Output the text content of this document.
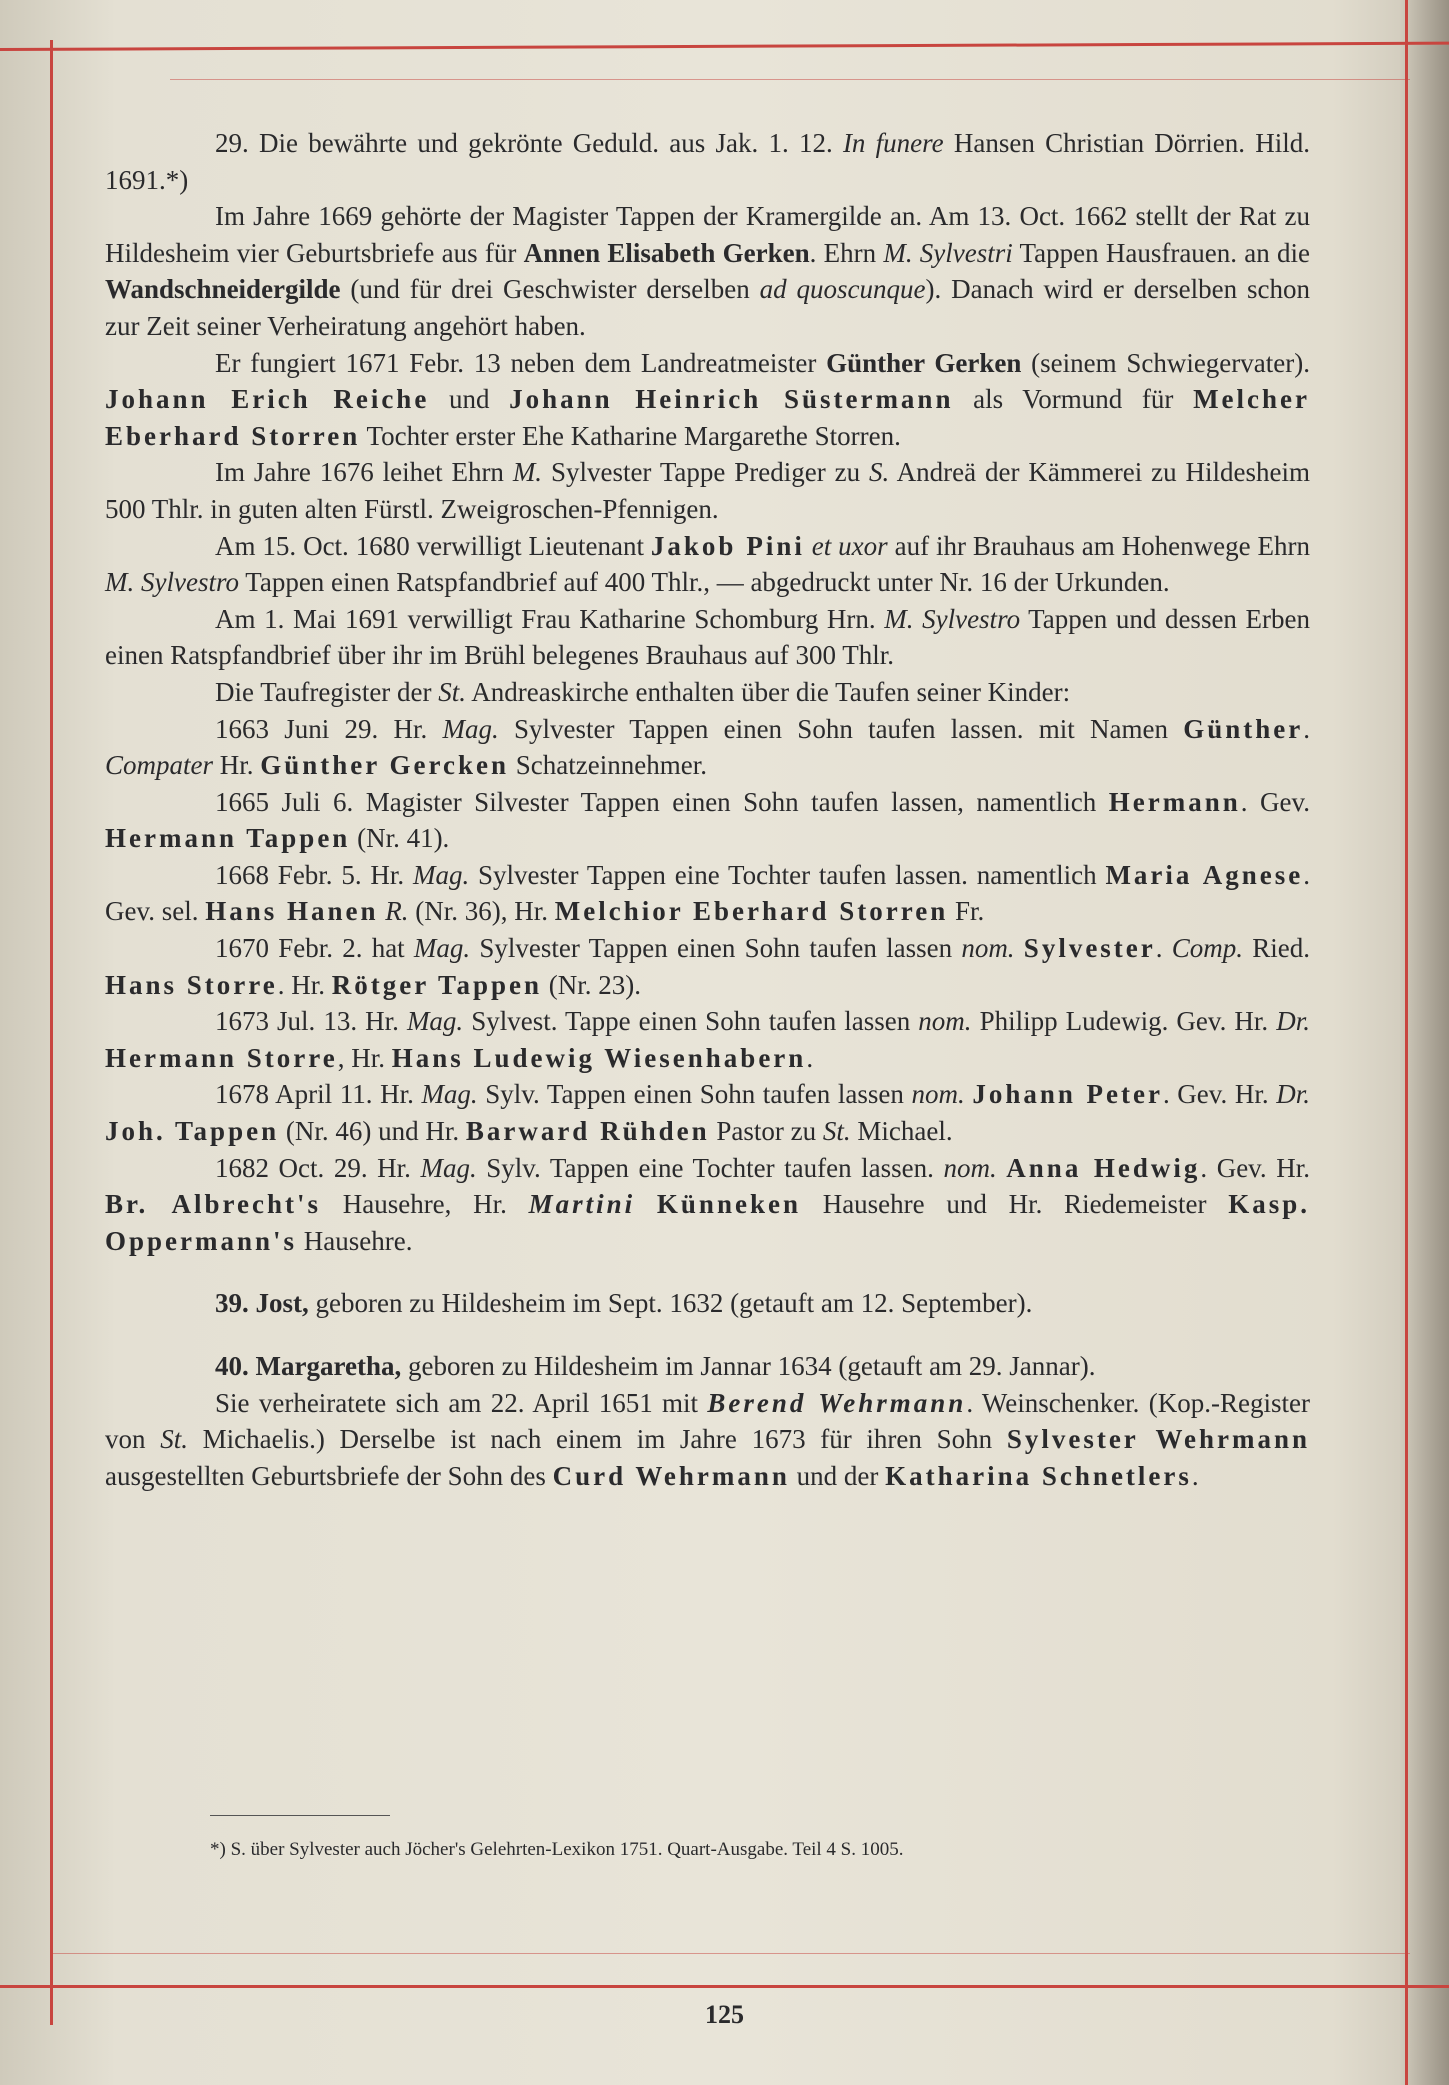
29. Die bewährte und gekrönte Geduld. aus Jak. 1. 12. In funere Hansen Christian Dörrien. Hild. 1691.*)

Im Jahre 1669 gehörte der Magister Tappen der Kramergilde an. Am 13. Oct. 1662 stellt der Rat zu Hildesheim vier Geburtsbriefe aus für Annen Elisabeth Gerken. Ehrn M. Sylvestri Tappen Hausfrauen. an die Wandschneidergilde (und für drei Geschwister derselben ad quoscunque). Danach wird er derselben schon zur Zeit seiner Verheiratung angehört haben.

Er fungiert 1671 Febr. 13 neben dem Landreatmeister Günther Gerken (seinem Schwiegervater). Johann Erich Reiche und Johann Heinrich Süstermann als Vormund für Melcher Eberhard Storren Tochter erster Ehe Katharine Margarethe Storren.

Im Jahre 1676 leihet Ehrn M. Sylvester Tappe Prediger zu S. Andreä der Kämmerei zu Hildesheim 500 Thlr. in guten alten Fürstl. Zweigroschen-Pfennigen.

Am 15. Oct. 1680 verwilligt Lieutenant Jakob Pini et uxor auf ihr Brauhaus am Hohenwege Ehrn M. Sylvestro Tappen einen Ratspfandbrief auf 400 Thlr., — abgedruckt unter Nr. 16 der Urkunden.

Am 1. Mai 1691 verwilligt Frau Katharine Schomburg Hrn. M. Sylvestro Tappen und dessen Erben einen Ratspfandbrief über ihr im Brühl belegenes Brauhaus auf 300 Thlr.

Die Taufregister der St. Andreaskirche enthalten über die Taufen seiner Kinder:

1663 Juni 29. Hr. Mag. Sylvester Tappen einen Sohn taufen lassen. mit Namen Günther. Compater Hr. Günther Gercken Schatzeinnehmer.

1665 Juli 6. Magister Silvester Tappen einen Sohn taufen lassen, namentlich Hermann. Gev. Hermann Tappen (Nr. 41).

1668 Febr. 5. Hr. Mag. Sylvester Tappen eine Tochter taufen lassen. namentlich Maria Agnese. Gev. sel. Hans Hanen R. (Nr. 36), Hr. Melchior Eberhard Storren Fr.

1670 Febr. 2. hat Mag. Sylvester Tappen einen Sohn taufen lassen nom. Sylvester. Comp. Ried. Hans Storre. Hr. Rötger Tappen (Nr. 23).

1673 Jul. 13. Hr. Mag. Sylvest. Tappe einen Sohn taufen lassen nom. Philipp Ludewig. Gev. Hr. Dr. Hermann Storre, Hr. Hans Ludewig Wiesenhabern.

1678 April 11. Hr. Mag. Sylv. Tappen einen Sohn taufen lassen nom. Johann Peter. Gev. Hr. Dr. Joh. Tappen (Nr. 46) und Hr. Barward Rühden Pastor zu St. Michael.

1682 Oct. 29. Hr. Mag. Sylv. Tappen eine Tochter taufen lassen. nom. Anna Hedwig. Gev. Hr. Br. Albrecht's Hausehre, Hr. Martini Künneken Hausehre und Hr. Riedemeister Kasp. Oppermann's Hausehre.

39. Jost, geboren zu Hildesheim im Sept. 1632 (getauft am 12. September).

40. Margaretha, geboren zu Hildesheim im Jannar 1634 (getauft am 29. Jannar).

Sie verheiratete sich am 22. April 1651 mit Berend Wehrmann. Weinschenker. (Kop.-Register von St. Michaelis.) Derselbe ist nach einem im Jahre 1673 für ihren Sohn Sylvester Wehrmann ausgestellten Geburtsbriefe der Sohn des Curd Wehrmann und der Katharina Schnetlers.

*) S. über Sylvester auch Jöcher's Gelehrten-Lexikon 1751. Quart-Ausgabe. Teil 4 S. 1005.
125
